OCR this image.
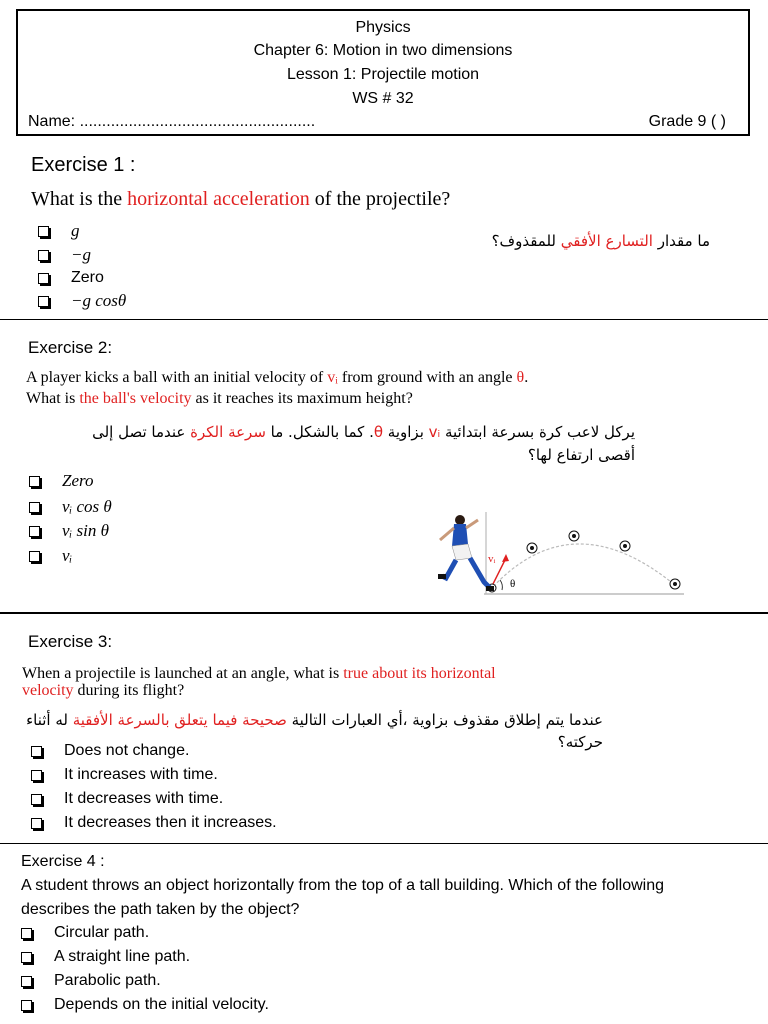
Physics
Chapter 6: Motion in two dimensions
Lesson 1: Projectile motion
WS # 32
Name: .....................................................	Grade 9 ( )
Exercise 1 :
What is the horizontal acceleration of the projectile?
ما مقدار التسارع الأفقي للمقذوف؟
g
−g
Zero
−g cosθ
Exercise 2:
A player kicks a ball with an initial velocity of vᵢ from ground with an angle θ.
What is the ball's velocity as it reaches its maximum height?
يركل لاعب كرة بسرعة ابتدائية vᵢ بزاوية θ. كما بالشكل. ما سرعة الكرة عندما تصل إلى
أقصى ارتفاع لها؟
Zero
vᵢ cos θ
vᵢ sin θ
vᵢ	vᵢ
θ
Exercise 3:
When a projectile is launched at an angle, what is true about its horizontal
velocity during its flight?
عندما يتم إطلاق مقذوف بزاوية ،أي العبارات التالية صحيحة فيما يتعلق بالسرعة الأفقية له أثناء
حركته؟
Does not change.
It increases with time.
It decreases with time.
It decreases then it increases.
Exercise 4 :
A student throws an object horizontally from the top of a tall building. Which of the following
describes the path taken by the object?
Circular path.
A straight line path.
Parabolic path.
Depends on the initial velocity.
